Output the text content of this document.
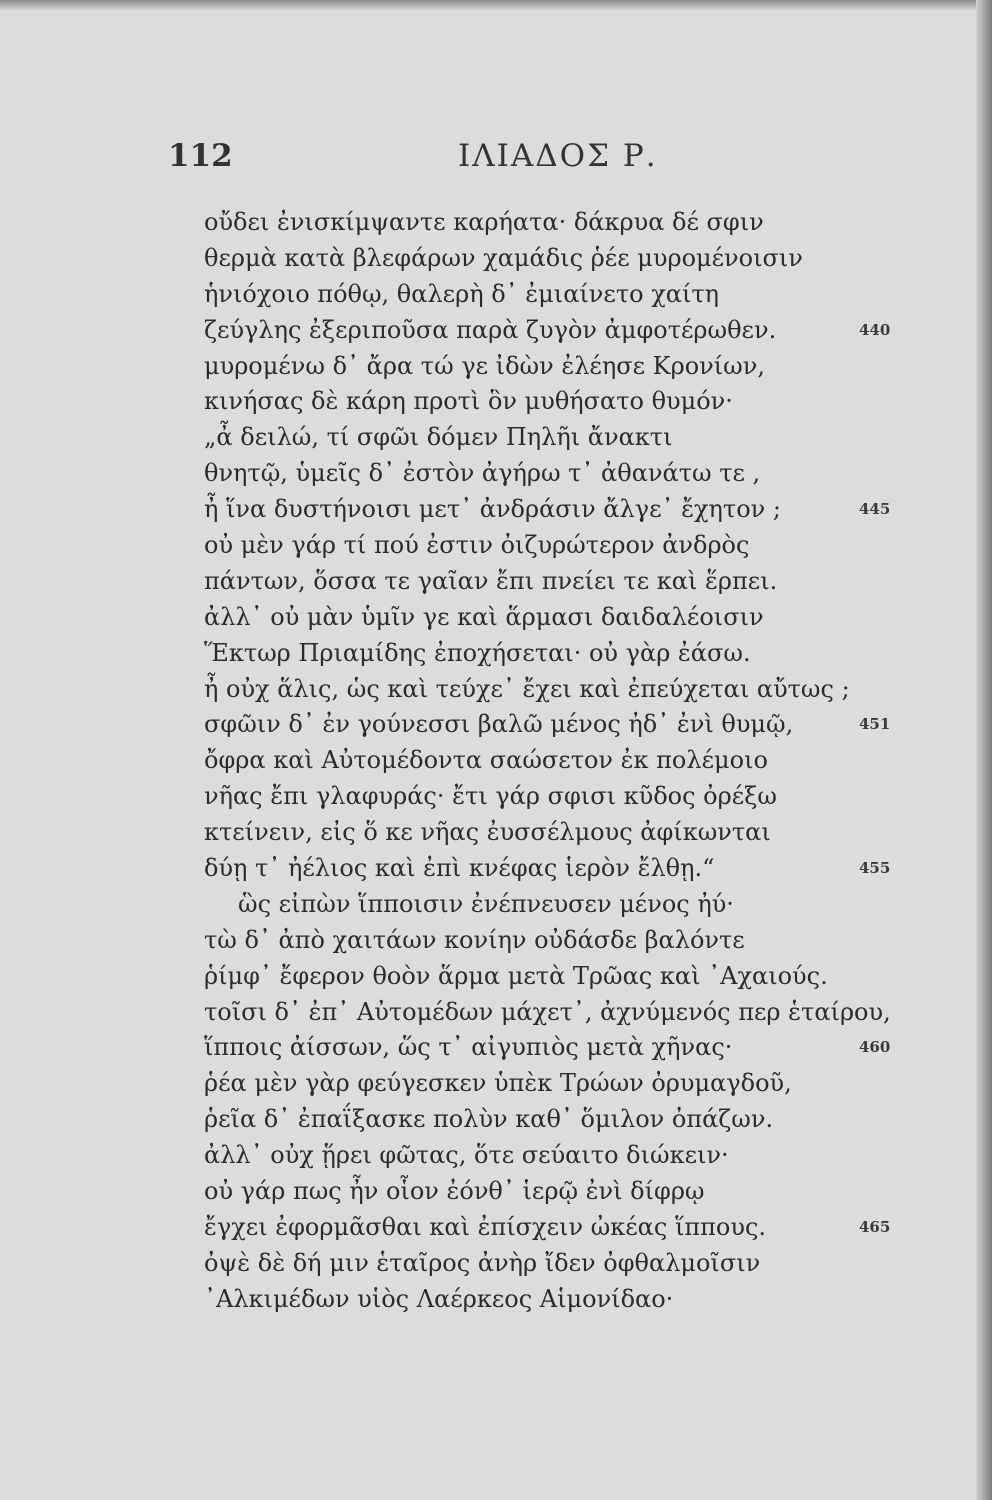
112	ΙΛΙΑΔΟΣ Ρ.
οὔδει ἐνισκίμψαντε καρήατα· δάκρυα δέ σφιν
θερμὰ κατὰ βλεφάρων χαμάδις ῥέε μυρομένοισιν
ἡνιόχοιο πόθῳ, θαλερὴ δ᾽ ἐμιαίνετο χαίτη
ζεύγλης ἐξεριποῦσα παρὰ ζυγὸν ἀμφοτέρωθεν.	440
μυρομένω δ᾽ ἄρα τώ γε ἰδὼν ἐλέησε Κρονίων,
κινήσας δὲ κάρη προτὶ ὃν μυθήσατο θυμόν·
„ἆ δειλώ, τί σφῶι δόμεν Πηλῆι ἄνακτι
θνητῷ, ὑμεῖς δ᾽ ἐστὸν ἀγήρω τ᾽ ἀθανάτω τε ,
ἦ ἵνα δυστήνοισι μετ᾽ ἀνδράσιν ἄλγε᾽ ἔχητον ;	445
οὐ μὲν γάρ τί πού ἐστιν ὀιζυρώτερον ἀνδρὸς
πάντων, ὅσσα τε γαῖαν ἔπι πνείει τε καὶ ἕρπει.
ἀλλ᾽ οὐ μὰν ὑμῖν γε καὶ ἅρμασι δαιδαλέοισιν
Ἕκτωρ Πριαμίδης ἐποχήσεται· οὐ γὰρ ἐάσω.
ἦ οὐχ ἅλις, ὡς καὶ τεύχε᾽ ἔχει καὶ ἐπεύχεται αὔτως ;
σφῶιν δ᾽ ἐν γούνεσσι βαλῶ μένος ἠδ᾽ ἐνὶ θυμῷ,	451
ὄφρα καὶ Αὐτομέδοντα σαώσετον ἐκ πολέμοιο
νῆας ἔπι γλαφυράς· ἔτι γάρ σφισι κῦδος ὀρέξω
κτείνειν, εἰς ὅ κε νῆας ἐυσσέλμους ἀφίκωνται
δύῃ τ᾽ ἠέλιος καὶ ἐπὶ κνέφας ἱερὸν ἔλθῃ.“	455
ὣς εἰπὼν ἵπποισιν ἐνέπνευσεν μένος ἠύ·
τὼ δ᾽ ἀπὸ χαιτάων κονίην οὐδάσδε βαλόντε
ῥίμφ᾽ ἔφερον θοὸν ἅρμα μετὰ Τρῶας καὶ ᾽Αχαιούς.
τοῖσι δ᾽ ἐπ᾽ Αὐτομέδων μάχετ᾽, ἀχνύμενός περ ἑταίρου,
ἵπποις ἀίσσων, ὥς τ᾽ αἰγυπιὸς μετὰ χῆνας·	460
ῥέα μὲν γὰρ φεύγεσκεν ὑπὲκ Τρώων ὀρυμαγδοῦ,
ῥεῖα δ᾽ ἐπαΐξασκε πολὺν καθ᾽ ὅμιλον ὀπάζων.
ἀλλ᾽ οὐχ ᾕρει φῶτας, ὅτε σεύαιτο διώκειν·
οὐ γάρ πως ἦν οἷον ἐόνθ᾽ ἱερῷ ἐνὶ δίφρῳ
ἔγχει ἐφορμᾶσθαι καὶ ἐπίσχειν ὠκέας ἵππους.	465
ὀψὲ δὲ δή μιν ἑταῖρος ἀνὴρ ἴδεν ὀφθαλμοῖσιν
᾽Αλκιμέδων υἱὸς Λαέρκεος Αἱμονίδαο·
